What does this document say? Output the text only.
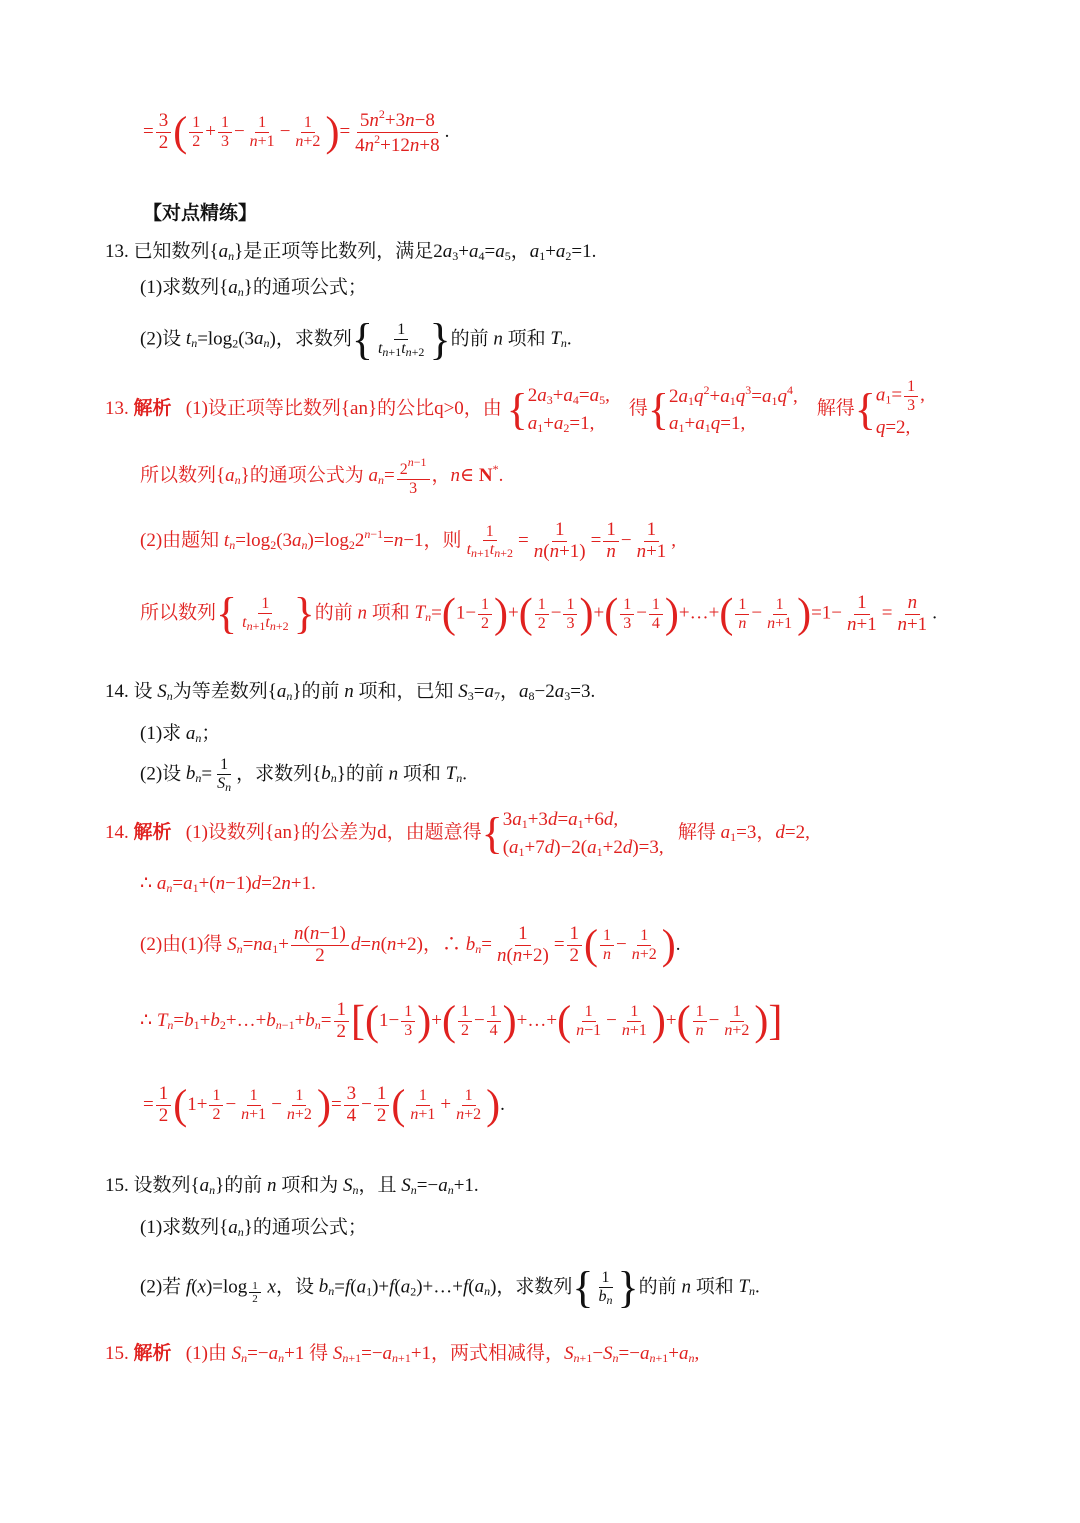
= $\frac{3}{2}$ ( $\frac{1}{2} + \frac{1}{3} - \frac{1}{n+1} - \frac{1}{n+2}$ )= $\frac{5n^2+3n-8}{4n^2+12n+8}$ .
【对点精练】
13. 已知数列$\{a_n\}$是正项等比数列，满足$2a_3+a_4=a_5$，$a_1+a_2=1$.
(1)求数列$\{a_n\}$的通项公式；
(2)设 $t_n=\log_2(3a_n)$，求数列{ $\frac{1}{t_{n+1}t_{n+2}}$ }的前 n 项和 $T_n$.
13. 解析 (1)设正项等比数列{an}的公比q>0，由 { $2a_3+a_4=a_5$,
$a_1+a_2=1$,
得 { $2a_1q^2+a_1q^3=a_1q^4$,
$a_1+a_1q=1$,
解得 { $a_1= \frac{1}{3}$ ,
q=2,
所以数列$\{a_n\}$的通项公式为 $a_n= \frac{2^{n-1}}{3}$ ，n∈ N*.
(2)由题知 $t_n=\log_2(3a_n)=\log_22^{n-1}=n-1$，则 $\frac{1}{t_{n+1}t_{n+2}} = \frac{1}{n(n+1)} = \frac{1}{n} - \frac{1}{n+1}$ ,
所以数列{ $\frac{1}{t_{n+1}t_{n+2}}$ }的前 n 项和 $T_n=(1- \frac{1}{2}$ )+( $\frac{1}{2} - \frac{1}{3}$ )+( $\frac{1}{3} - \frac{1}{4}$ )+…+( $\frac{1}{n} - \frac{1}{n+1} )=1- \frac{1}{n+1} = \frac{n}{n+1}$ .
14. 设 $S_n$为等差数列$\{a_n\}$的前 n 项和，已知 $S_3=a_7$，$a_8-2a_3=3$.
(1)求 $a_n$；
(2)设 $b_n= \frac{1}{S_n}$ ，求数列$\{b_n\}$的前 n 项和 $T_n$.
14. 解析 (1)设数列{an}的公差为d，由题意得 { $3a_1+3d=a_1+6d$,
$(a_1+7d)-2(a_1+2d)=3$,
解得 $a_1=3$，d=2,
∴ $a_n=a_1+(n-1)d=2n+1$.
(2)由(1)得 $S_n=na_1+ \frac{n(n-1)}{2} d=n(n+2)$，∴ $b_n= \frac{1}{n(n+2)} = \frac{1}{2}$ ( $\frac{1}{n} - \frac{1}{n+2}$ ).
∴ $T_n=b_1+b_2+\dots+b_{n-1}+b_n= \frac{1}{2} [(1- \frac{1}{3}$ )+( $\frac{1}{2} - \frac{1}{4}$ )+…+( $\frac{1}{n-1} - \frac{1}{n+1}$ )+( $\frac{1}{n} - \frac{1}{n+2}$ )]
= $\frac{1}{2} (1+ \frac{1}{2} - \frac{1}{n+1} - \frac{1}{n+2}$ )= $\frac{3}{4} - \frac{1}{2}$ ( $\frac{1}{n+1} + \frac{1}{n+2}$ ).
15. 设数列$\{a_n\}$的前 n 项和为 $S_n$，且 $S_n=-a_n+1$.
(1)求数列$\{a_n\}$的通项公式；
(2)若 f(x)=log $_{\frac{1}{2}}$ x，设 $b_n=f(a_1)+f(a_2)+\dots+f(a_n)$，求数列{ $\frac{1}{b_n}$ }的前 n 项和 $T_n$.
15. 解析   (1)由 $S_n=-a_n+1$ 得 $S_{n+1}=-a_{n+1}+1$，两式相减得，$S_{n+1}-S_n=-a_{n+1}+a_n$,
